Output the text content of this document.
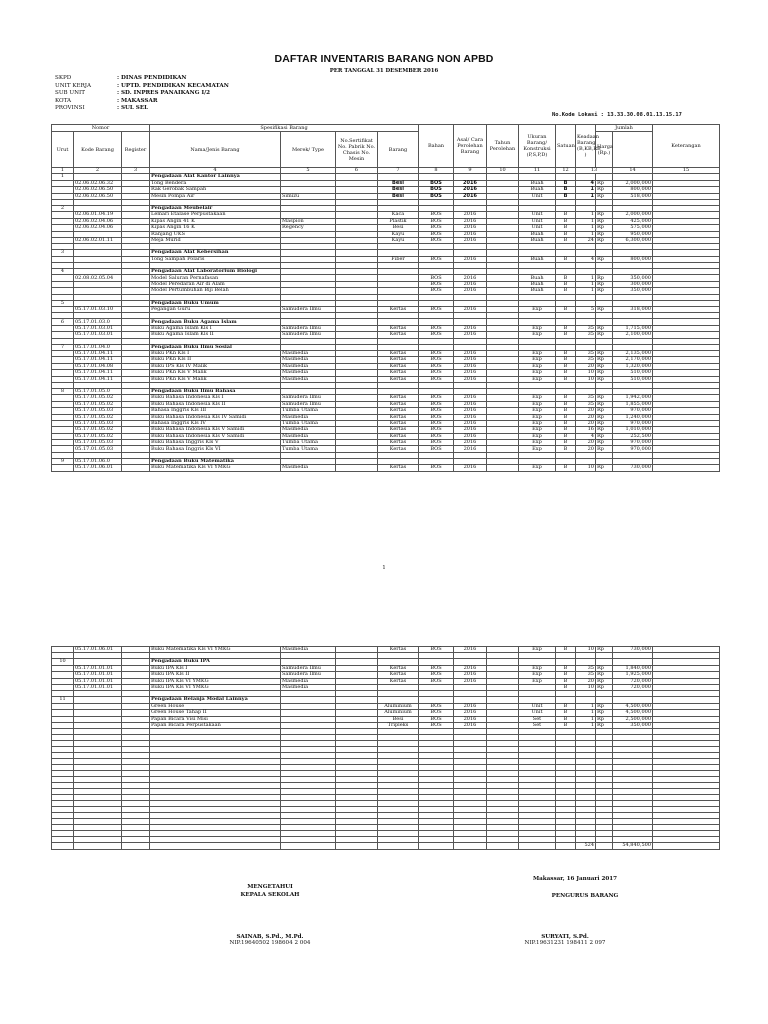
DAFTAR INVENTARIS BARANG NON APBD
PER TANGGAL 31 DESEMBER 2016
SKPD	: DINAS PENDIDIKAN
UNIT KERJA	: UPTD. PENDIDIKAN KECAMATAN
SUB UNIT	: SD. INPRES PANAIKANG I/2
KOTA	: MAKASSAR
PROVINSI	: SUL SEL
No.Kode Lokasi : 13.33.30.08.01.13.15.17
Nomor			Spesifikasi Barang				Bahan	Asal/ Cara Perolehan Barang	Tahun Perolehan	Ukuran Barang/ Konstruksi (P,S,P,D)	Satuan	Keadaan Barang (B,KB,RB )	Jumlah		Keterangan
Urut	Kode Barang	Register	Nama/Jenis Barang	Merek/ Type	No.Sertifikat No. Pabrik No. Chasis No. Mesin	Barang							Harga (Rp.)		
1	2	3	4	5	6	7	8	9	10	11	12	13		14	15
1			Pengadaan Alat Kantor Lainnya												
	02.06.02.06.32		Tong Bendera			Besi	BOS	2016		Buah	B	4	Rp	2,000,000	
	02.06.02.06.50		Rak Gerobak Sampah			Besi	BOS	2016		Buah	B	1	Rp	800,000	
	02.06.02.06.50		Mesin Pompa Air	Simizu		Besi	BOS	2016		Unit	B	1	Rp	518,000	

2			Pengadaan Meubelair												
	02.06.01.04.19		Lemari Etalase Perpustakaan			Kaca	BOS	2016		Unit	B	1	Rp	2,000,000	
	02.06.02.04.06		Kipas Angin 41 K	Maspion		Plastik	BOS	2016		Unit	B	1	Rp	425,000	
	02.06.02.04.06		Kipas Angin 16 K	Regency		Besi	BOS	2016		Unit	B	1	Rp	575,000	
			Ranjang UKS			Kayu	BOS	2016		Buah	B	1	Rp	950,000	
	02.06.02.01.11		Meja Murid			Kayu	BOS	2016		Buah	B	24	Rp	6,300,000	

3			Pengadaan Alat Kebersihan												
			Tong Sampah Polaris			Fiber	BOS	2016		Buah	B	4	Rp	800,000	

4			Pengadaan Alat Laboratorium Biologi												
	02.08.02.05.04		Model Saluran Pernafasan				BOS	2016		Buah	B	1	Rp	350,000	
			Model Peredaran Air di Alam				BOS	2016		Buah	B	1	Rp	300,000	
			Model Pertumbuhan Biji Belah				BOS	2016		Buah	B	1	Rp	350,000	

5			Pengadaan Buku Umum												
	05.17.01.03.10		Pegangan Guru	Samudera Ilmu		Kertas	BOS	2016		Exp	B	5	Rp	318,000	

6	05.17.01.03.0		Pengadaan Buku Agama Islam												
	05.17.01.03.01		Buku Agama Islam Kls I	Samudera Ilmu		Kertas	BOS	2016		Exp	B	35	Rp	1,715,000	
	05.17.01.03.01		Buku Agama Islam Kls II	Samudera Ilmu		Kertas	BOS	2016		Exp	B	35	Rp	2,100,000	

7	05.17.01.04.0		Pengadaan Buku Ilmu Sosial												
	05.17.01.04.11		Buku PKn Kls I	Masmedia		Kertas	BOS	2016		Exp	B	35	Rp	2,135,000	
	05.17.01.04.11		Buku PKn Kls II	Masmedia		Kertas	BOS	2016		Exp	B	35	Rp	2,170,000	
	05.17.01.04.08		Buku IPS Kls IV Malik	Masmedia		Kertas	BOS	2016		Exp	B	20	Rp	1,320,000	
	05.17.01.04.11		Buku PKn Kls V Malik	Masmedia		Kertas	BOS	2016		Exp	B	10	Rp	510,000	
	05.17.01.04.11		Buku PKn Kls V Malik	Masmedia		Kertas	BOS	2016		Exp	B	10	Rp	510,000	

8	05.17.01.05.0		Pengadaan Buku Ilmu Bahasa												
	05.17.01.05.02		Buku Bahasa Indonesia Kls I	Samudera Ilmu		Kertas	BOS	2016		Exp	B	35	Rp	1,942,000	
	05.17.01.05.02		Buku Bahasa Indonesia Kls II	Samudera Ilmu		Kertas	BOS	2016		Exp	B	35	Rp	1,855,000	
	05.17.01.05.03		Bahasa Inggris Kls III	Tumba Utama		Kertas	BOS	2016		Exp	B	20	Rp	970,000	
	05.17.01.05.02		Buku Bahasa Indonesia Kls IV Samidi	Masmedia		Kertas	BOS	2016		Exp	B	20	Rp	1,240,000	
	05.17.01.05.03		Bahasa Inggris Kls IV	Tumba Utama		Kertas	BOS	2016		Exp	B	20	Rp	970,000	
	05.17.01.05.02		Buku Bahasa Indonesia Kls V Samidi	Masmedia		Kertas	BOS	2016		Exp	B	16	Rp	1,010,000	
	05.17.01.05.02		Buku Bahasa Indonesia Kls V Samidi	Masmedia		Kertas	BOS	2016		Exp	B	4	Rp	252,500	
	05.17.01.05.03		Buku Bahasa Inggris Kls V	Tumba Utama		Kertas	BOS	2016		Exp	B	20	Rp	970,000	
	05.17.01.05.03		Buku Bahasa Inggris Kls VI	Tumba Utama		Kertas	BOS	2016		Exp	B	20	Rp	970,000	

9	05.17.01.06.0		Pengadaan Buku Matematika												
	05.17.01.06.01		Buku Matematika Kls VI YMKG	Masmedia		Kertas	BOS	2016		Exp	B	10	Rp	730,000	
1
	05.17.01.06.01		Buku Matematika Kls VI YMKG	Masmedia		Kertas	BOS	2016		Exp	B	10	Rp	730,000	

10			Pengadaan Buku IPA												
	05.17.01.01.01		Buku IPA Kls I	Samudera Ilmu		Kertas	BOS	2016		Exp	B	35	Rp	1,840,000	
	05.17.01.01.01		Buku IPA Kls II	Samudera Ilmu		Kertas	BOS	2016		Exp	B	35	Rp	1,925,000	
	05.17.01.01.01		Buku IPA Kls VI YMKG	Masmedia		Kertas	BOS	2016		Exp	B	20	Rp	720,000	
	05.17.01.01.01		Buku IPA Kls VI YMKG	Masmedia							B	10	Rp	720,000	

11			Pengadaan Belanja Modal Lainnya												
			Green House			Aluminium	BOS	2016		Unit	B	1	Rp	4,500,000	
			Green House Tahap II			Aluminium	BOS	2016		Unit	B	1	Rp	4,500,000	
			Papan Bicara Visi Misi			Besi	BOS	2016		Set	B	1	Rp	2,500,000	
			Papan Bicara Perpustakaan			Tripleks	BOS	2016		Set	B	1	Rp	350,000	

												524		54,840,500	
Makassar, 16 Januari 2017
MENGETAHUI
KEPALA SEKOLAH	PENGURUS BARANG
SAINAB, S.Pd., M.Pd.
NIP.19640502 198604 2 004
SURYATI, S.Pd.
NIP.19631231 198411 2 097
